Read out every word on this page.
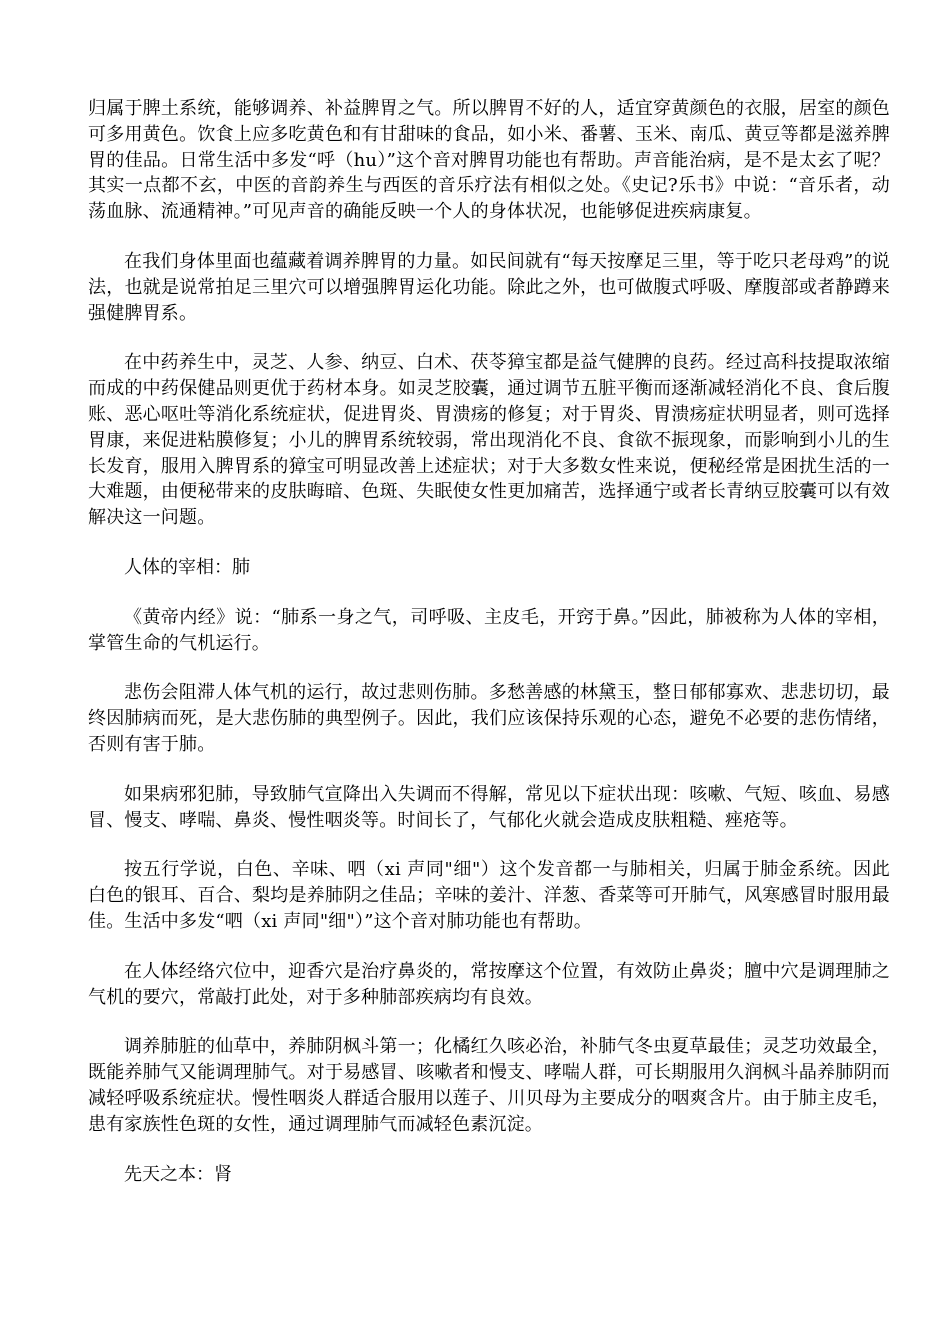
归属于脾土系统，能够调养、补益脾胃之气。所以脾胃不好的人，适宜穿黄颜色的衣服，居室的颜色可多用黄色。饮食上应多吃黄色和有甘甜味的食品，如小米、番薯、玉米、南瓜、黄豆等都是滋养脾胃的佳品。日常生活中多发“呼（hu）”这个音对脾胃功能也有帮助。声音能治病，是不是太玄了呢？其实一点都不玄，中医的音韵养生与西医的音乐疗法有相似之处。《史记?乐书》中说：“音乐者，动荡血脉、流通精神。”可见声音的确能反映一个人的身体状况，也能够促进疾病康复。

在我们身体里面也蕴藏着调养脾胃的力量。如民间就有“每天按摩足三里，等于吃只老母鸡”的说法，也就是说常拍足三里穴可以增强脾胃运化功能。除此之外，也可做腹式呼吸、摩腹部或者静蹲来强健脾胃系。

在中药养生中，灵芝、人参、纳豆、白术、茯苓獐宝都是益气健脾的良药。经过高科技提取浓缩而成的中药保健品则更优于药材本身。如灵芝胶囊，通过调节五脏平衡而逐渐减轻消化不良、食后腹账、恶心呕吐等消化系统症状，促进胃炎、胃溃疡的修复；对于胃炎、胃溃疡症状明显者，则可选择胃康，来促进粘膜修复；小儿的脾胃系统较弱，常出现消化不良、食欲不振现象，而影响到小儿的生长发育，服用入脾胃系的獐宝可明显改善上述症状；对于大多数女性来说，便秘经常是困扰生活的一大难题，由便秘带来的皮肤晦暗、色斑、失眠使女性更加痛苦，选择通宁或者长青纳豆胶囊可以有效解决这一问题。

人体的宰相：肺

《黄帝内经》说：“肺系一身之气，司呼吸、主皮毛，开窍于鼻。”因此，肺被称为人体的宰相，掌管生命的气机运行。

悲伤会阻滞人体气机的运行，故过悲则伤肺。多愁善感的林黛玉，整日郁郁寡欢、悲悲切切，最终因肺病而死，是大悲伤肺的典型例子。因此，我们应该保持乐观的心态，避免不必要的悲伤情绪，否则有害于肺。

如果病邪犯肺，导致肺气宣降出入失调而不得解，常见以下症状出现：咳嗽、气短、咳血、易感冒、慢支、哮喘、鼻炎、慢性咽炎等。时间长了，气郁化火就会造成皮肤粗糙、痤疮等。

按五行学说，白色、辛味、呬（xi 声同"细"）这个发音都一与肺相关，归属于肺金系统。因此白色的银耳、百合、梨均是养肺阴之佳品；辛味的姜汁、洋葱、香菜等可开肺气，风寒感冒时服用最佳。生活中多发“呬（xi 声同"细"）”这个音对肺功能也有帮助。

在人体经络穴位中，迎香穴是治疗鼻炎的，常按摩这个位置，有效防止鼻炎；膻中穴是调理肺之气机的要穴，常敲打此处，对于多种肺部疾病均有良效。

调养肺脏的仙草中，养肺阴枫斗第一；化橘红久咳必治，补肺气冬虫夏草最佳；灵芝功效最全，既能养肺气又能调理肺气。对于易感冒、咳嗽者和慢支、哮喘人群，可长期服用久润枫斗晶养肺阴而减轻呼吸系统症状。慢性咽炎人群适合服用以莲子、川贝母为主要成分的咽爽含片。由于肺主皮毛，患有家族性色斑的女性，通过调理肺气而减轻色素沉淀。

先天之本：肾
